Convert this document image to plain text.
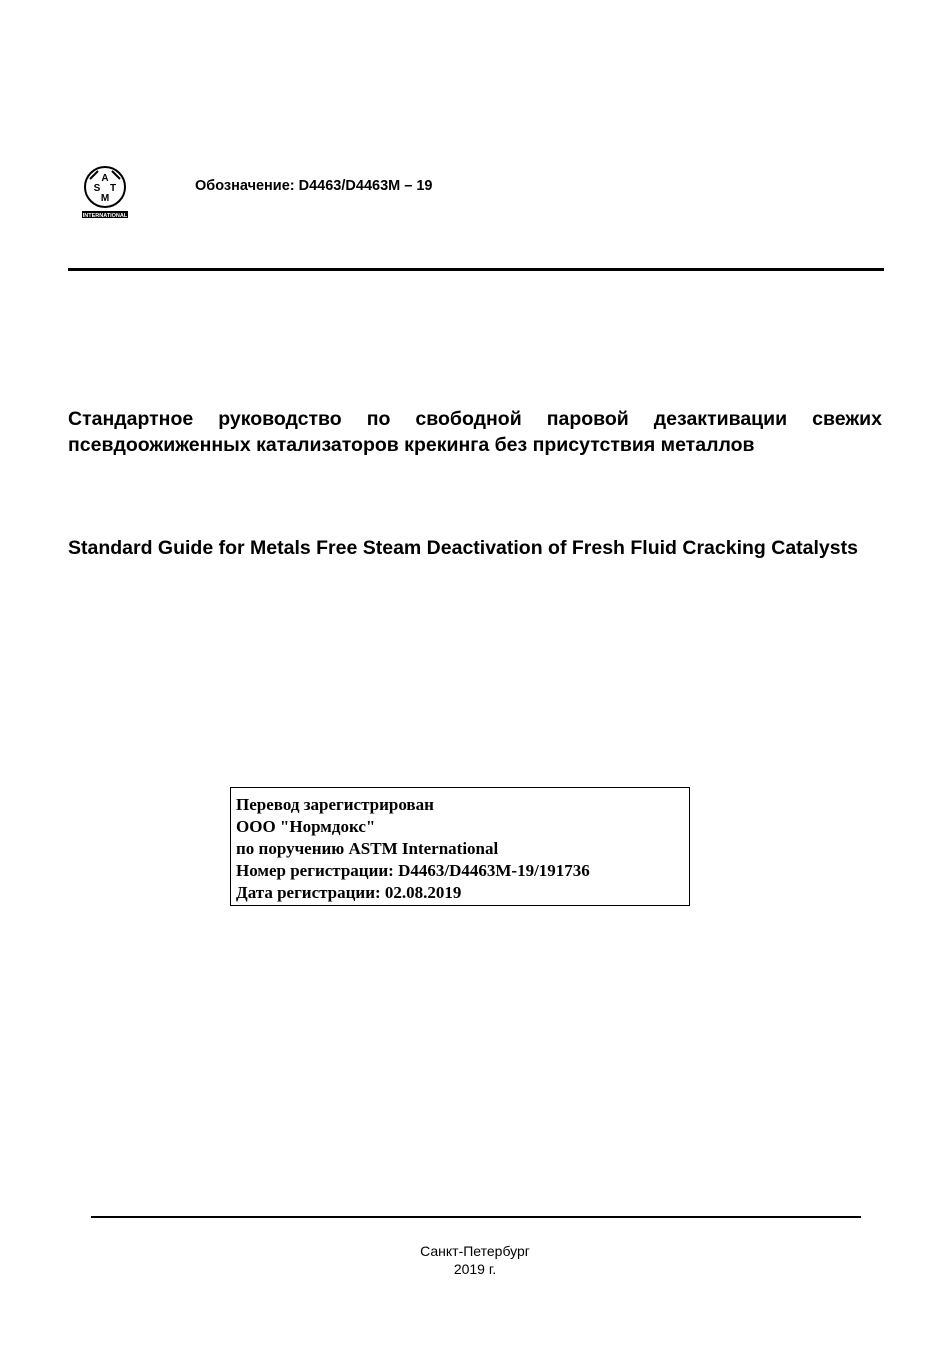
A
S T
M
INTERNATIONAL
Обозначение: D4463/D4463M – 19
Стандартное руководство по свободной паровой дезактивации свежих псевдоожиженных катализаторов крекинга без присутствия металлов
Standard Guide for Metals Free Steam Deactivation of Fresh Fluid Cracking Catalysts
Перевод зарегистрирован
ООО "Нормдокс"
по поручению ASTM International
Номер регистрации: D4463/D4463M-19/191736
Дата регистрации: 02.08.2019
Санкт-Петербург
2019 г.
